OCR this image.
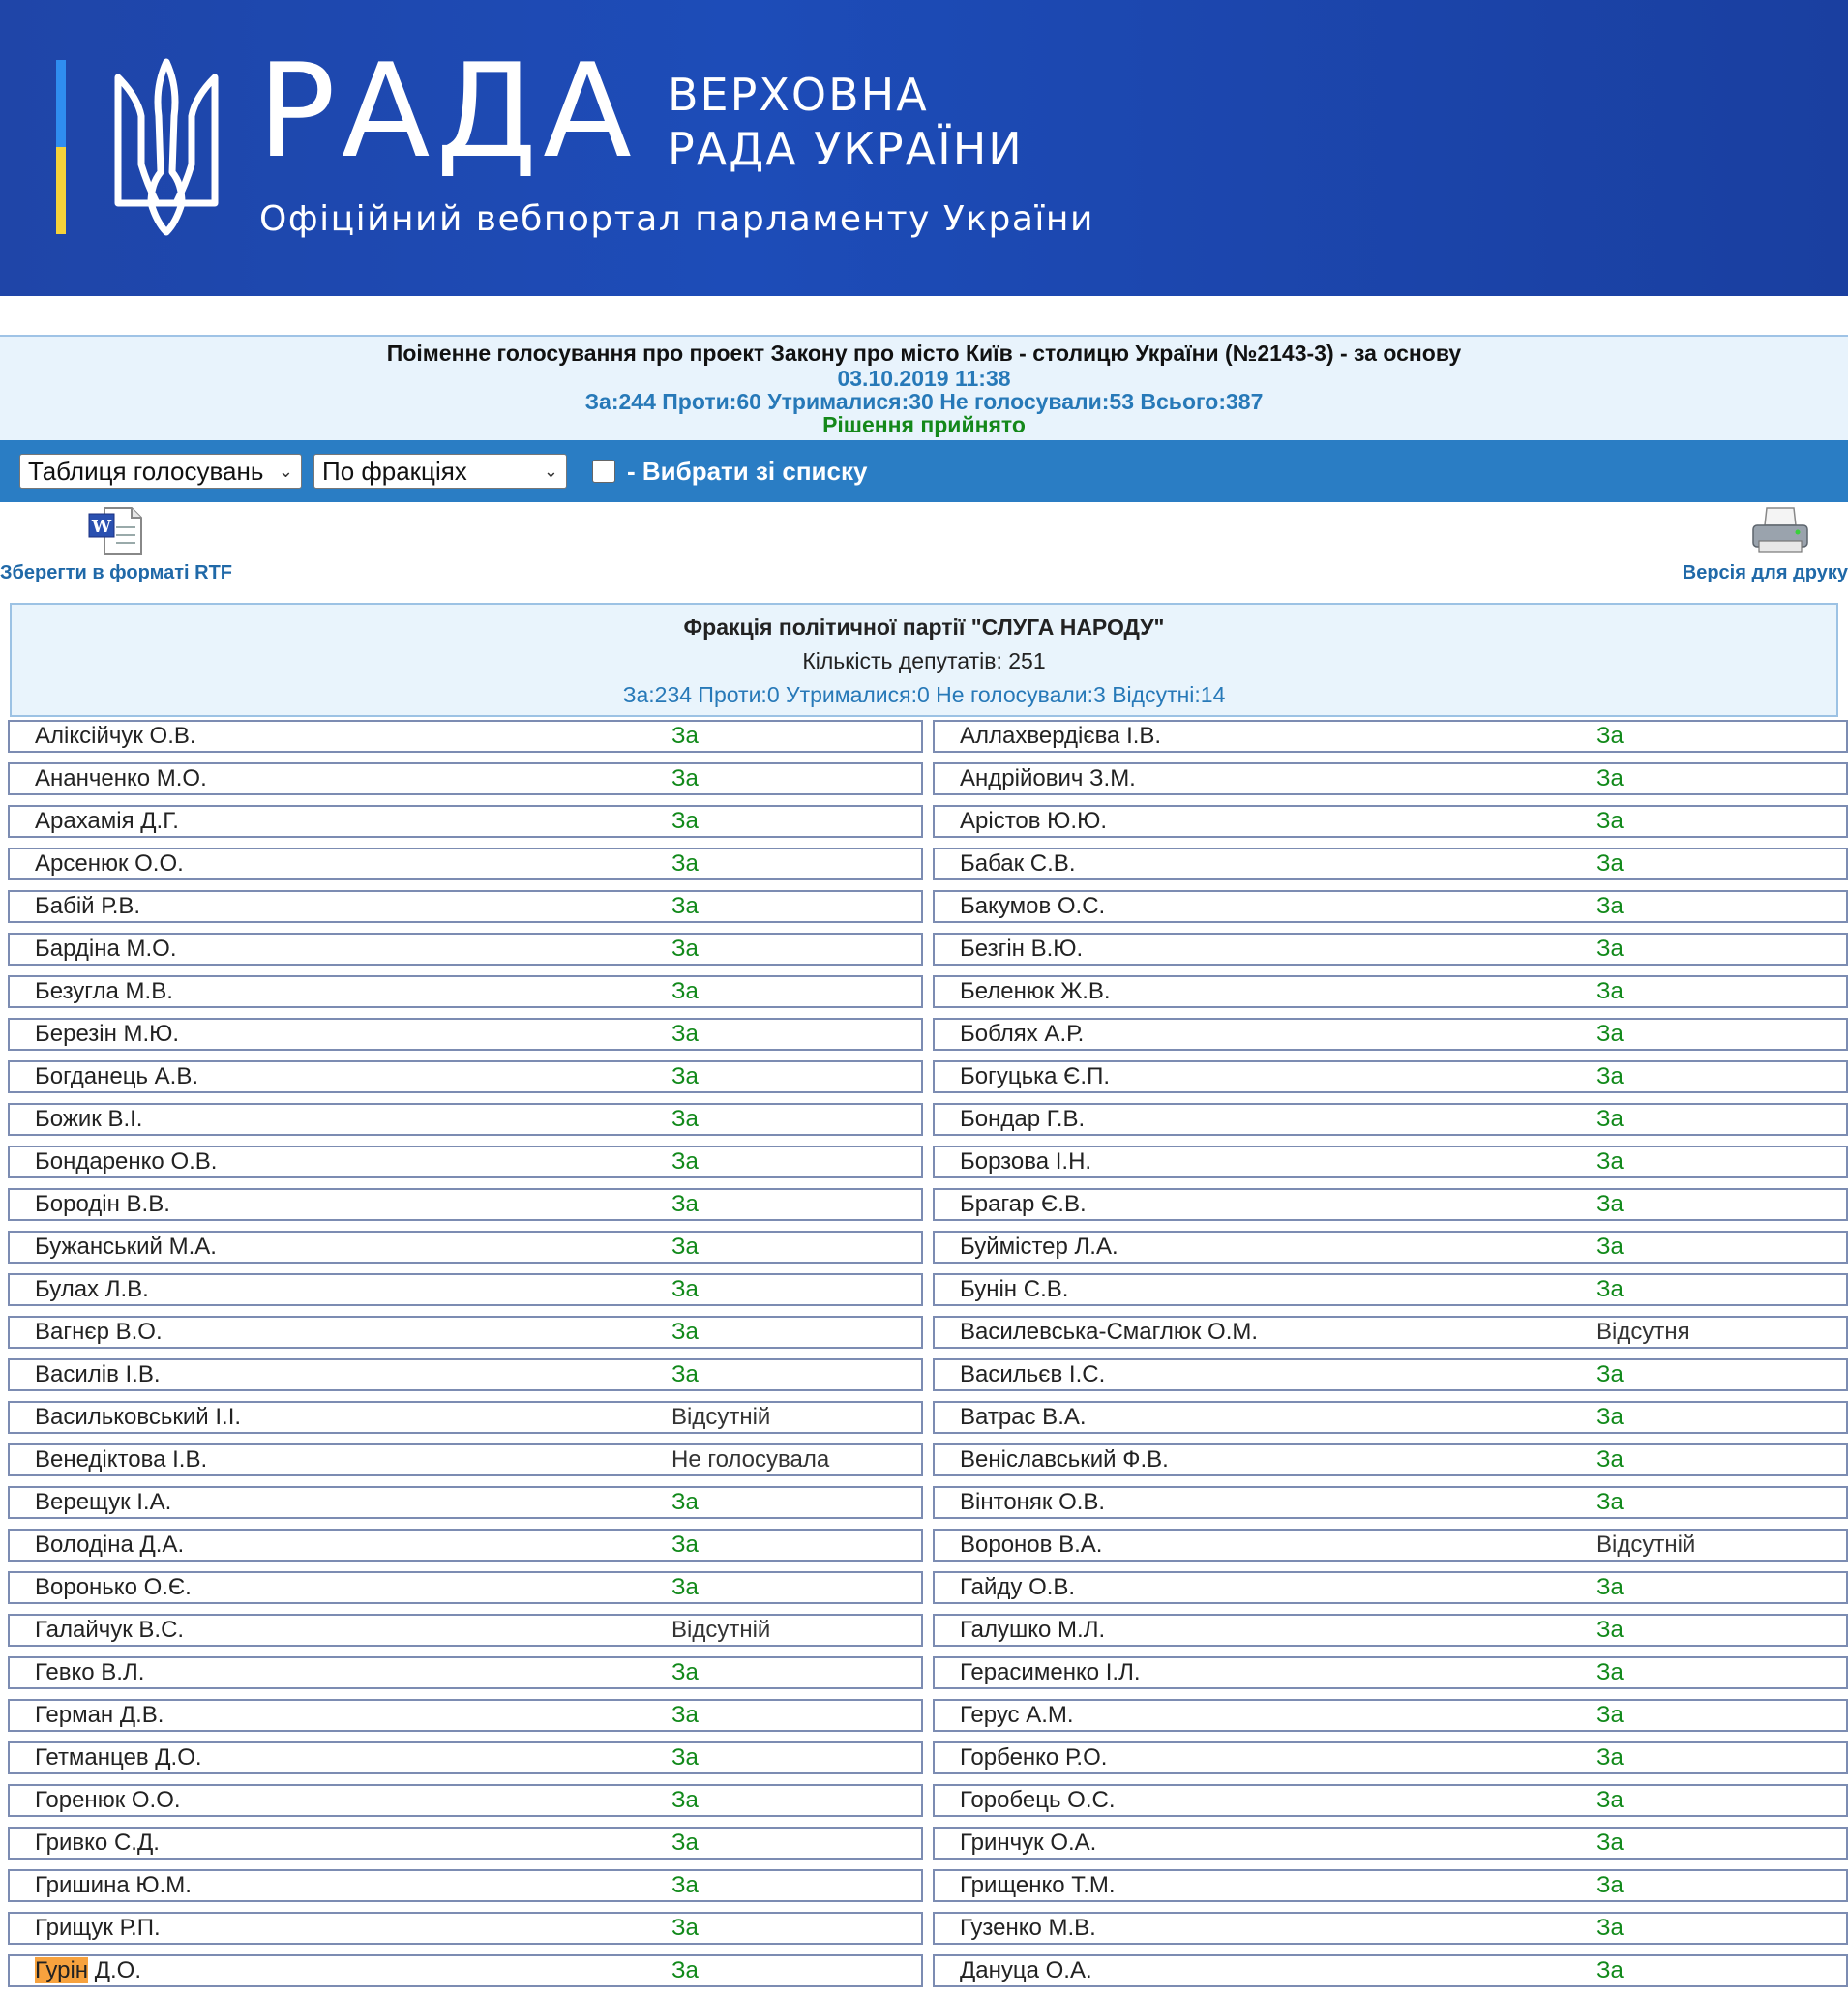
РАДА ВЕРХОВНА
РАДА УКРАЇНИ
Офіційний вебпортал парламенту України
Поіменне голосування про проект Закону про місто Київ - столицю України (№2143-3) - за основу
03.10.2019 11:38
За:244 Проти:60 Утрималися:30 Не голосували:53 Всього:387
Рішення прийнято
Таблиця голосувань ⌄ По фракціях	⌄	- Вибрати зі списку
W
Зберегти в форматі RTF	Версія для друку
Фракція політичної партії "СЛУГА НАРОДУ"
Кількість депутатів: 251
За:234 Проти:0 Утрималися:0 Не голосували:3 Відсутні:14
Аліксійчук О.В.	За	Аллахвердієва І.В.	За
Ананченко М.О.	За	Андрійович З.М.	За
Арахамія Д.Г.	За	Арістов Ю.Ю.	За
Арсенюк О.О.	За	Бабак С.В.	За
Бабій Р.В.	За	Бакумов О.С.	За
Бардіна М.О.	За	Безгін В.Ю.	За
Безугла М.В.	За	Беленюк Ж.В.	За
Березін М.Ю.	За	Боблях А.Р.	За
Богданець А.В.	За	Богуцька Є.П.	За
Божик В.І.	За	Бондар Г.В.	За
Бондаренко О.В.	За	Борзова І.Н.	За
Бородін В.В.	За	Брагар Є.В.	За
Бужанський М.А.	За	Буймістер Л.А.	За
Булах Л.В.	За	Бунін С.В.	За
Вагнєр В.О.	За	Василевська-Смаглюк О.М.	Відсутня
Василів І.В.	За	Васильєв І.С.	За
Васильковський І.І.	Відсутній	Ватрас В.А.	За
Венедіктова І.В.	Не голосувала	Веніславський Ф.В.	За
Верещук І.А.	За	Вінтоняк О.В.	За
Володіна Д.А.	За	Воронов В.А.	Відсутній
Воронько О.Є.	За	Гайду О.В.	За
Галайчук В.С.	Відсутній	Галушко М.Л.	За
Гевко В.Л.	За	Герасименко І.Л.	За
Герман Д.В.	За	Герус А.М.	За
Гетманцев Д.О.	За	Горбенко Р.О.	За
Горенюк О.О.	За	Горобець О.С.	За
Гривко С.Д.	За	Гринчук О.А.	За
Гришина Ю.М.	За	Грищенко Т.М.	За
Грищук Р.П.	За	Гузенко М.В.	За
Гурін Д.О.	За	Дануца О.А.	За
